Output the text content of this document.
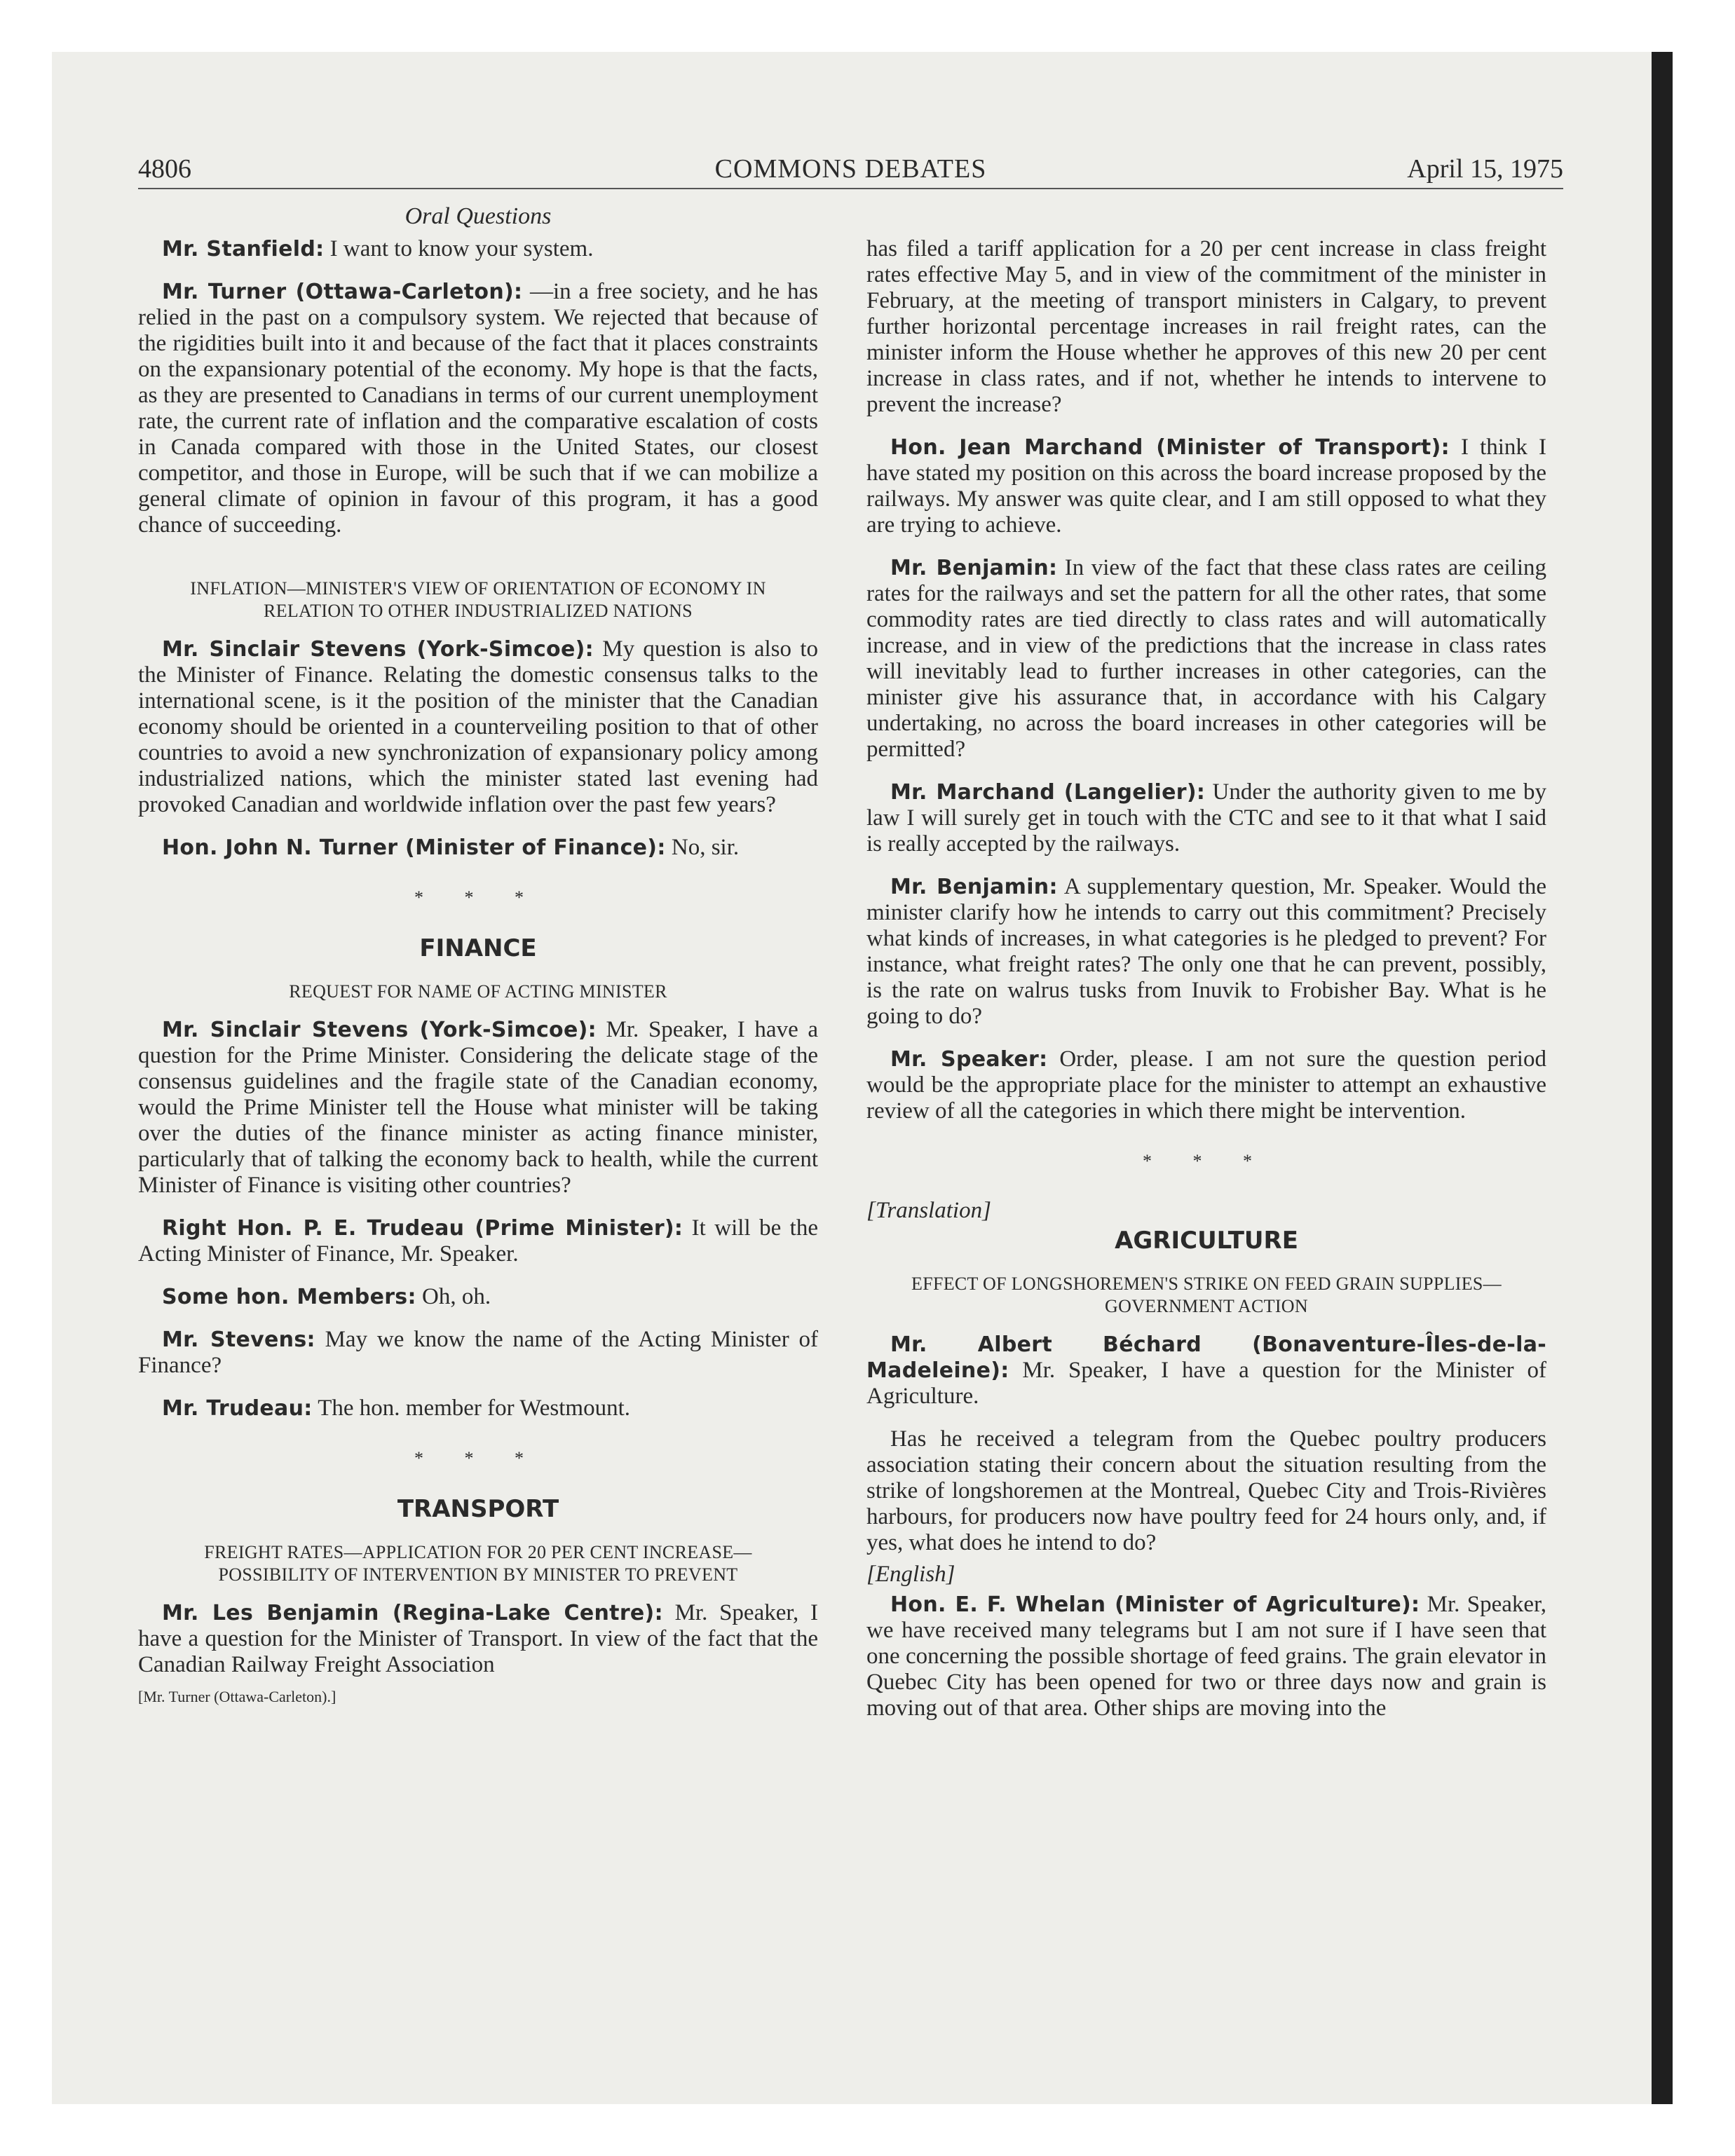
4806	COMMONS DEBATES	April 15, 1975
Oral Questions

Mr. Stanfield: I want to know your system.

Mr. Turner (Ottawa-Carleton): —in a free society, and he has relied in the past on a compulsory system. We rejected that because of the rigidities built into it and because of the fact that it places constraints on the expansionary potential of the economy. My hope is that the facts, as they are presented to Canadians in terms of our current unemployment rate, the current rate of inflation and the comparative escalation of costs in Canada compared with those in the United States, our closest competitor, and those in Europe, will be such that if we can mobilize a general climate of opinion in favour of this program, it has a good chance of succeeding.

INFLATION—MINISTER'S VIEW OF ORIENTATION OF ECONOMY IN RELATION TO OTHER INDUSTRIALIZED NATIONS

Mr. Sinclair Stevens (York-Simcoe): My question is also to the Minister of Finance. Relating the domestic consensus talks to the international scene, is it the position of the minister that the Canadian economy should be oriented in a counterveiling position to that of other countries to avoid a new synchronization of expansionary policy among industrialized nations, which the minister stated last evening had provoked Canadian and worldwide inflation over the past few years?

Hon. John N. Turner (Minister of Finance): No, sir.

* * *
FINANCE
REQUEST FOR NAME OF ACTING MINISTER

Mr. Sinclair Stevens (York-Simcoe): Mr. Speaker, I have a question for the Prime Minister. Considering the delicate stage of the consensus guidelines and the fragile state of the Canadian economy, would the Prime Minister tell the House what minister will be taking over the duties of the finance minister as acting finance minister, particularly that of talking the economy back to health, while the current Minister of Finance is visiting other countries?

Right Hon. P. E. Trudeau (Prime Minister): It will be the Acting Minister of Finance, Mr. Speaker.

Some hon. Members: Oh, oh.

Mr. Stevens: May we know the name of the Acting Minister of Finance?

Mr. Trudeau: The hon. member for Westmount.

* * *
TRANSPORT
FREIGHT RATES—APPLICATION FOR 20 PER CENT INCREASE—POSSIBILITY OF INTERVENTION BY MINISTER TO PREVENT

Mr. Les Benjamin (Regina-Lake Centre): Mr. Speaker, I have a question for the Minister of Transport. In view of the fact that the Canadian Railway Freight Association

[Mr. Turner (Ottawa-Carleton).]

has filed a tariff application for a 20 per cent increase in class freight rates effective May 5, and in view of the commitment of the minister in February, at the meeting of transport ministers in Calgary, to prevent further horizontal percentage increases in rail freight rates, can the minister inform the House whether he approves of this new 20 per cent increase in class rates, and if not, whether he intends to intervene to prevent the increase?

Hon. Jean Marchand (Minister of Transport): I think I have stated my position on this across the board increase proposed by the railways. My answer was quite clear, and I am still opposed to what they are trying to achieve.

Mr. Benjamin: In view of the fact that these class rates are ceiling rates for the railways and set the pattern for all the other rates, that some commodity rates are tied directly to class rates and will automatically increase, and in view of the predictions that the increase in class rates will inevitably lead to further increases in other categories, can the minister give his assurance that, in accordance with his Calgary undertaking, no across the board increases in other categories will be permitted?

Mr. Marchand (Langelier): Under the authority given to me by law I will surely get in touch with the CTC and see to it that what I said is really accepted by the railways.

Mr. Benjamin: A supplementary question, Mr. Speaker. Would the minister clarify how he intends to carry out this commitment? Precisely what kinds of increases, in what categories is he pledged to prevent? For instance, what freight rates? The only one that he can prevent, possibly, is the rate on walrus tusks from Inuvik to Frobisher Bay. What is he going to do?

Mr. Speaker: Order, please. I am not sure the question period would be the appropriate place for the minister to attempt an exhaustive review of all the categories in which there might be intervention.

* * *
[Translation]
AGRICULTURE
EFFECT OF LONGSHOREMEN'S STRIKE ON FEED GRAIN SUPPLIES—GOVERNMENT ACTION

Mr. Albert Béchard (Bonaventure-Îles-de-la-Madeleine): Mr. Speaker, I have a question for the Minister of Agriculture.

Has he received a telegram from the Quebec poultry producers association stating their concern about the situation resulting from the strike of longshoremen at the Montreal, Quebec City and Trois-Rivières harbours, for producers now have poultry feed for 24 hours only, and, if yes, what does he intend to do?

[English]

Hon. E. F. Whelan (Minister of Agriculture): Mr. Speaker, we have received many telegrams but I am not sure if I have seen that one concerning the possible shortage of feed grains. The grain elevator in Quebec City has been opened for two or three days now and grain is moving out of that area. Other ships are moving into the
